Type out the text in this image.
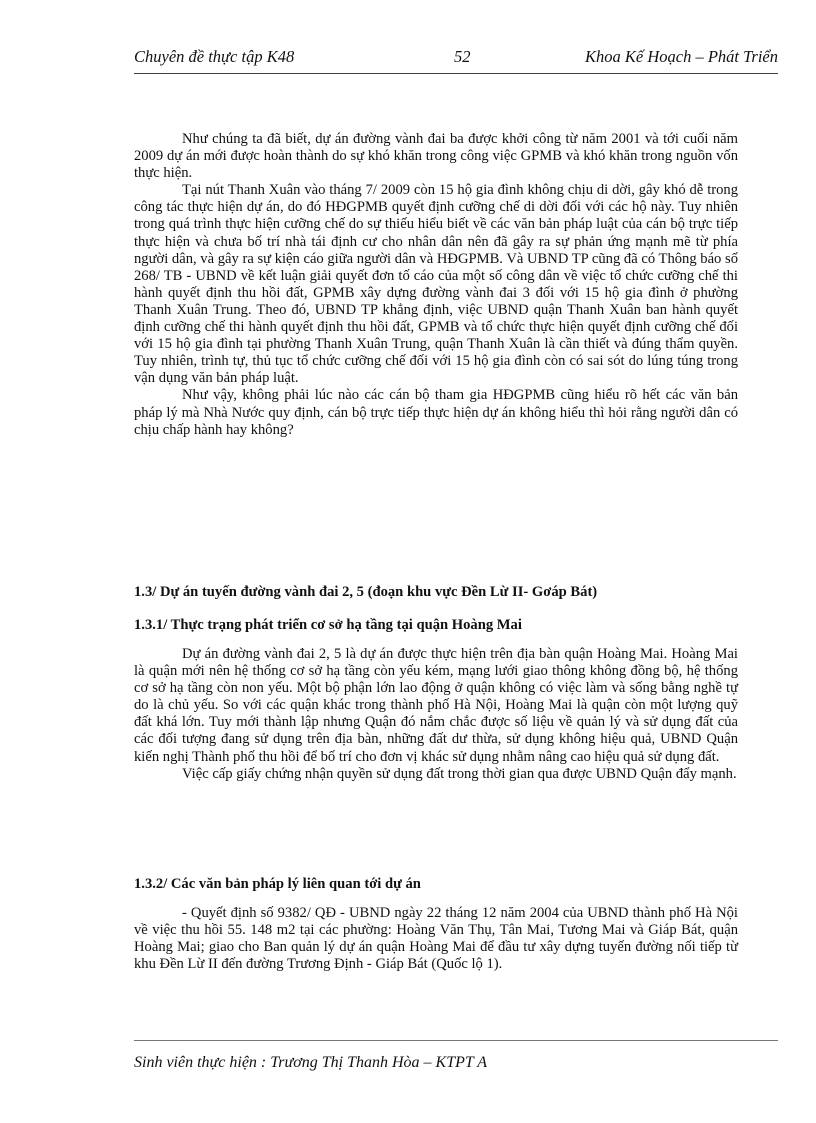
Chuyên đề thực tập K48	52	Khoa Kế Hoạch – Phát Triển

Như chúng ta đã biết, dự án đường vành đai ba được khởi công từ năm 2001 và tới cuối năm 2009 dự án mới được hoàn thành do sự khó khăn trong công việc GPMB và khó khăn trong nguồn vốn thực hiện.

Tại nút Thanh Xuân vào tháng 7/ 2009 còn 15 hộ gia đình không chịu di dời, gây khó dễ trong công tác thực hiện dự án, do đó HĐGPMB quyết định cưỡng chế di dời đối với các hộ này. Tuy nhiên trong quá trình thực hiện cưỡng chế do sự thiếu hiểu biết về các văn bản pháp luật của cán bộ trực tiếp thực hiện và chưa bố trí nhà tái định cư cho nhân dân nên đã gây ra sự phản ứng mạnh mẽ từ phía người dân, và gây ra sự kiện cáo giữa người dân và HĐGPMB. Và UBND TP cũng đã có Thông báo số 268/ TB - UBND về kết luận giải quyết đơn tố cáo của một số công dân về việc tổ chức cưỡng chế thi hành quyết định thu hồi đất, GPMB xây dựng đường vành đai 3 đối với 15 hộ gia đình ở phường Thanh Xuân Trung. Theo đó, UBND TP khẳng định, việc UBND quận Thanh Xuân ban hành quyết định cưỡng chế thi hành quyết định thu hồi đất, GPMB và tổ chức thực hiện quyết định cưỡng chế đối với 15 hộ gia đình tại phường Thanh Xuân Trung, quận Thanh Xuân là cần thiết và đúng thẩm quyền. Tuy nhiên, trình tự, thủ tục tổ chức cưỡng chế đối với 15 hộ gia đình còn có sai sót do lúng túng trong vận dụng văn bản pháp luật.

Như vậy, không phải lúc nào các cán bộ tham gia HĐGPMB cũng hiểu rõ hết các văn bản pháp lý mà Nhà Nước quy định, cán bộ trực tiếp thực hiện dự án không hiểu thì hỏi rằng người dân có chịu chấp hành hay không?

1.3/ Dự án tuyến đường vành đai 2, 5 (đoạn khu vực Đền Lừ II- Gơáp Bát)
1.3.1/ Thực trạng phát triển cơ sở hạ tầng tại quận Hoàng Mai

Dự án đường vành đai 2, 5 là dự án được thực hiện trên địa bàn quận Hoàng Mai. Hoàng Mai là quận mới nên hệ thống cơ sở hạ tầng còn yếu kém, mạng lưới giao thông không đồng bộ, hệ thống cơ sở hạ tầng còn non yếu. Một bộ phận lớn lao động ở quận không có việc làm và sống bằng nghề tự do là chủ yếu. So với các quận khác trong thành phố Hà Nội, Hoàng Mai là quận còn một lượng quỹ đất khá lớn. Tuy mới thành lập nhưng Quận đó nắm chắc được số liệu về quản lý và sử dụng đất của các đối tượng đang sử dụng trên địa bàn, những đất dư thừa, sử dụng không hiệu quả, UBND Quận kiến nghị Thành phố thu hồi để bố trí cho đơn vị khác sử dụng nhằm nâng cao hiệu quả sử dụng đất.

Việc cấp giấy chứng nhận quyền sử dụng đất trong thời gian qua được UBND Quận đẩy mạnh.

1.3.2/ Các văn bản pháp lý liên quan tới dự án

- Quyết định số 9382/ QĐ - UBND ngày 22 tháng 12 năm 2004 của UBND thành phố Hà Nội về việc thu hồi 55. 148 m2 tại các phường: Hoàng Văn Thụ, Tân Mai, Tương Mai và Giáp Bát, quận Hoàng Mai; giao cho Ban quản lý dự án quận Hoàng Mai để đầu tư xây dựng tuyến đường nối tiếp từ khu Đền Lừ II đến đường Trương Định - Giáp Bát (Quốc lộ 1).

Sinh viên thực hiện : Trương Thị Thanh Hòa – KTPT A
